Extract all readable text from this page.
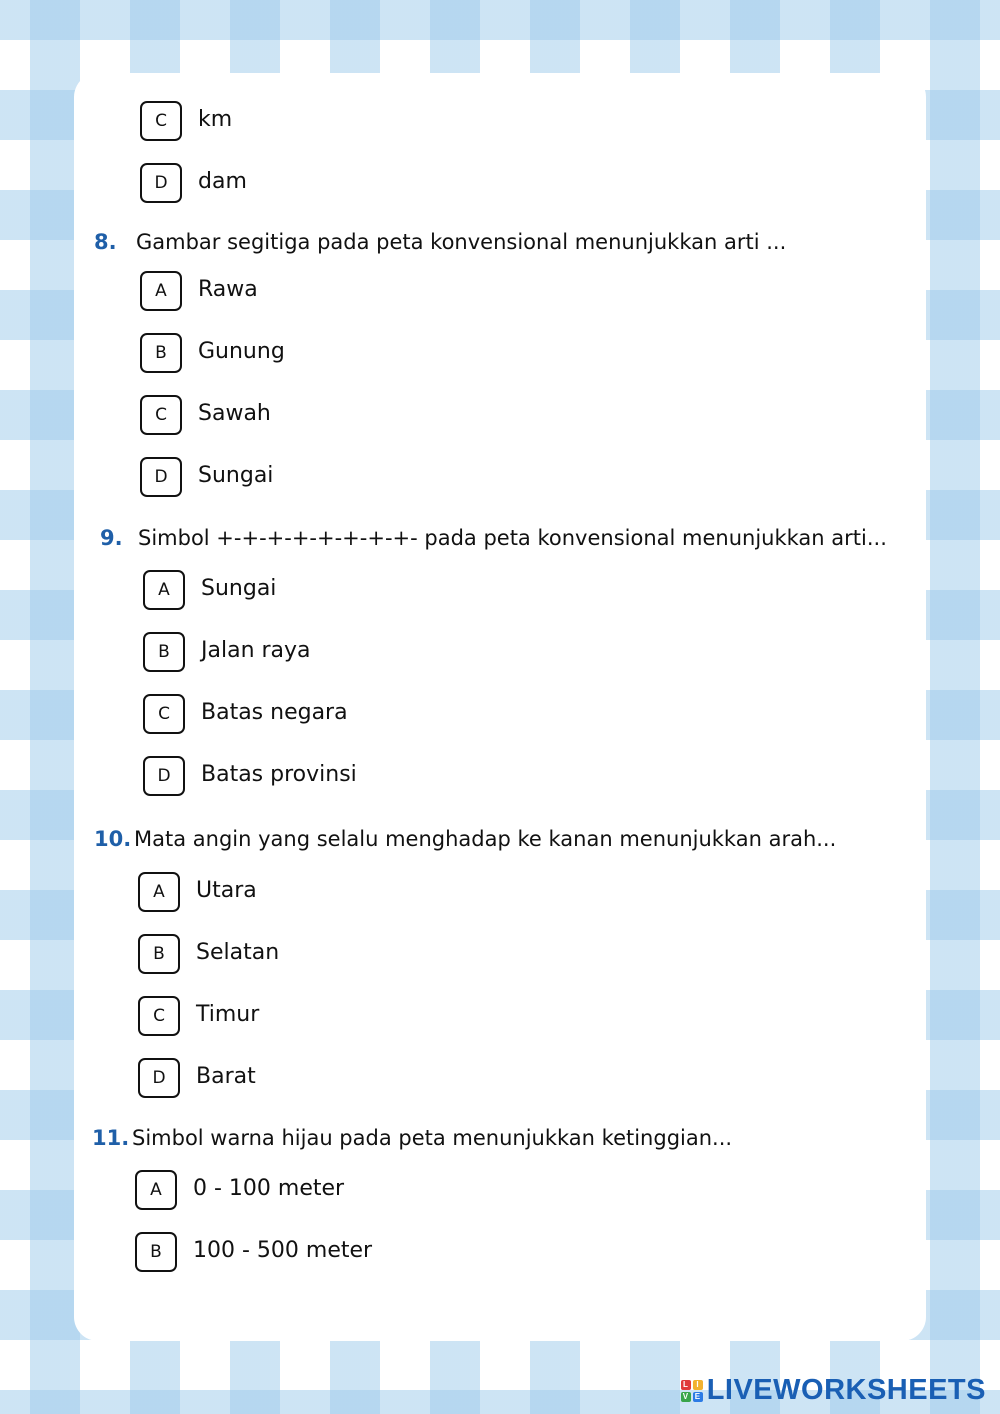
C	km
D	dam
8. Gambar segitiga pada peta konvensional menunjukkan arti ...
A	Rawa
B	Gunung
C	Sawah
D	Sungai
9. Simbol +-+-+-+-+-+-+-+- pada peta konvensional menunjukkan arti...
A	Sungai
B	Jalan raya
C	Batas negara
D	Batas provinsi
10. Mata angin yang selalu menghadap ke kanan menunjukkan arah...
A	Utara
B	Selatan
C	Timur
D	Barat
11. Simbol warna hijau pada peta menunjukkan ketinggian...
A	0 - 100 meter
B	100 - 500 meter
L I
V E LIVEWORKSHEETS
